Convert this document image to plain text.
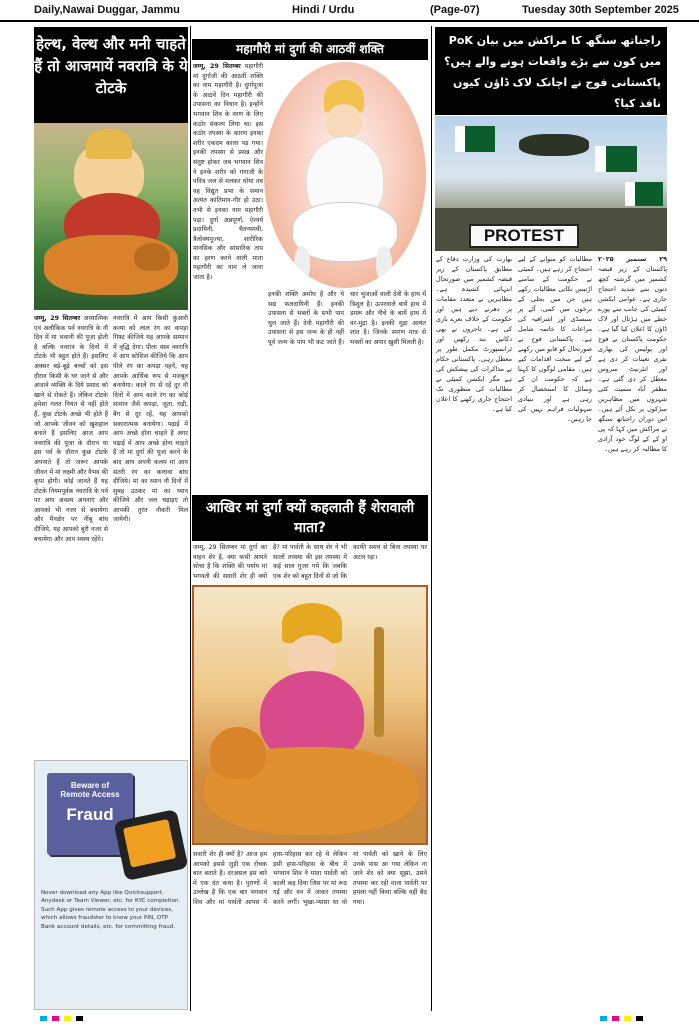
Daily,Nawai Duggar, Jammu	Hindi / Urdu	(Page-07)	Tuesday 30th September 2025
हेल्थ, वेल्थ और मनी चाहते हैं तो आजमायें नवरात्रि के ये टोटके
जम्मू, 29 सितम्बर अध्यात्मिक एवं अलौकिक पर्व नवरात्रि के नौ दिन में मां भवानी की पूजा होती है बल्कि नवरात्र के दिनों में टोटके भी बहुत होते हैं। इसलिए अक्सर बड़े-बूढ़े बच्चों को इस दौरान किसी के घर जाने से और अंजाने व्यक्ति के दिये प्रसाद को खाने से रोकते हैं। लेकिन टोटके हमेशा गलत नियत से नहीं होते हैं, कुछ टोटके अच्छे भी होते हैं जो आपके जीवन को खुशहाल बनाते हैं इसलिए आज आप नवरात्रि की पूजा के दौरान या इस पर्व के दौरान कुछ टोटके अपनाते हैं तो जरूर आपके जीवन में मां लक्ष्मी और वैभव की कृपा होगी। कोई जानते हैं यह टोटके नियमपूर्वक नवरात्रि के पर्व पर आप अवश्य अपनाएं और आपको भी नजर से बचायेगा और मैनडोर पर नींबू बांध दीजिये, यह आपको बुरी नजर से बचायेगा और आप स्वस्थ रहेंगे।
नवरात्रि में आप किसी कुंआरी कन्या को लाल रंग का कपड़ा गिफ्ट कीजिये यह आपके सम्मान में वृद्धि देगा। पीला वस्त्र नवरात्रि में आप कोशिश कीजिये कि आप पीले रंग का कपड़ा पहनें, यह आपके आर्थिक रूप से मजबूत बनायेगा। काले रंग से रहें दूर नौ दिनों में आप काले रंग का कोई सामान जैसे कपड़ा, जूता, घड़ी, बैग से दूर रहें, यह आपको सकारात्मक बनायेगा। पढ़ाई में आप अच्छे होना चाहते हैं अगर पढ़ाई में आप अच्छे होना चाहते हैं तो मां दुर्गा की पूजा करने के बाद आप अपनी कलम मां आप संतरी रंग का कलावा बांध दीजिये। मां का ध्यान नौ दिनों में सुबह उठकर मां का ध्यान कीजिये और जल चढ़ाइए तो आपकी तुरंत नौकरी मिल जायेगी।
Beware of
Remote Access
Fraud
Never download any App like Quicksupport, Anydesk or Team Viewer, etc. for KYC completion. Such App gives remote access to your devices, which allows fraudster to know your PIN, OTP Bank account details, etc. for committing fraud.
महागौरी मां दुर्गा की आठवीं शक्ति
जम्मू, 29 सितम्बर महागौरी मां दुर्गाजी की आठवीं शक्ति का नाम महागौरी है। दुर्गापूजा के आठवें दिन महागौरी की उपासना का विधान है। इन्होंने भगवान शिव के वरण के लिए कठोर संकल्प लिया था। इस कठोर तपस्या के कारण इनका शरीर एकदम काला पड़ गया। इनकी तपस्या से प्रसन्न और संतुष्ट होकर जब भगवान शिव ने इनके शरीर को गंगाजी के पवित्र जल से मलकर धोया तब वह विद्युत प्रभा के समान अत्यंत कांतिमान-गौर हो उठा। तभी से इनका नाम महागौरी पड़ा। दुर्गा अन्नपूर्णा, ऐश्वर्य प्रदायिनी, चैतन्यमयी, त्रैलोक्यपूज्या, शारीरिक मानसिक और सांसारिक ताप का हरण करने वाली माता महागौरी का नाम ले जाना जाता है।
इनकी शक्ति अमोघ है और ये सद्य फलदायिनी हैं। इनकी उपासना से भक्तों के सभी पाप धुल जाते हैं। देवी महागौरी की उपासना से इस जन्म के ही नहीं पूर्व जन्म के पाप भी कट जाते हैं। चार भुजाओं वाली देवी के हाथ में त्रिशूल है। ऊपरवाले बायें हाथ में डमरू और नीचे के बायें हाथ में वर-मुद्रा है। इनकी मुद्रा अत्यंत शांत है। जिनके स्मरण मात्र से भक्तों का अपार खुशी मिलती है।
आखिर मां दुर्गा क्यों कहलाती हैं शेरावाली माता?
जम्मू, 29 सितम्बर मां दुर्गा का वाहन शेर है, क्या कभी आपने सोचा है कि शक्ति की पर्याय मां भगवती की सवारी शेर ही क्यों है? मां पार्वती के साथ शेर ने भी सालों तपस्या की इस तपस्या में कई साल गुजर गये कि जबकि एक शेर को बहुत दिनों से जो कि काफी समय से बिना तपस्या पर अटल रहा।
सवारी शेर ही क्यों है? आज हम आपको इससे जुड़ी एक रोचक बात बताते हैं। दरअसल इस बारे में एक दंत कथा है। पुराणों में उल्लेख है कि एक बार भगवान शिव और मां पार्वती आपस में हास-परिहास कर रहे थे लेकिन इसी हास-परिहास के बीच में भगवान शिव ने माता पार्वती को काली कह दिया जिस पर मां रूठ गईं और वन में जाकर तपस्या करने लगीं। भूखा-प्यासा था वो मां पार्वती को खाने के लिए उनके पास आ गया लेकिन ना जाने शेर को क्या सूझा, उसने तपस्या कर रही माता पार्वती पर हमला नहीं किया बल्कि वहीं बैठ गया।
راجناتھ سنگھ کا مراکش میں بیان PoK میں کون سے بڑے واقعات ہونے والے ہیں؟ پاکستانی فوج نے اچانک لاک ڈاؤن کیوں نافذ کیا؟
PROTEST
۲۹ ستمبر ۲۰۲۵ پاکستان کے زیر قبضہ کشمیر میں گزشتہ کچھ دنوں سے شدید احتجاج جاری ہے۔ عوامی ایکشن کمیٹی کی جانب سے پورے خطے میں ہڑتال اور لاک ڈاؤن کا اعلان کیا گیا ہے۔ حکومت پاکستان نے فوج اور پولیس کی بھاری نفری تعینات کر دی ہے اور انٹرنیٹ سروس معطل کر دی گئی ہے۔ مظفر آباد سمیت کئی شہروں میں مظاہرین سڑکوں پر نکل آئے ہیں۔ اس دوران راجناتھ سنگھ نے مراکش میں کہا کہ پی او کے کے لوگ خود آزادی کا مطالبہ کر رہے ہیں۔
مطالبات کو منوانے کے لیے احتجاج کر رہے ہیں۔ کمیٹی نے حکومت کے سامنے اڑتیس نکاتی مطالبات رکھے ہیں جن میں بجلی کے نرخوں میں کمی، آٹے پر سبسڈی اور اشرافیہ کی مراعات کا خاتمہ شامل ہے۔ پاکستانی فوج نے صورتحال کو قابو میں رکھنے کے لیے سخت اقدامات کیے ہیں۔ مقامی لوگوں کا کہنا ہے کہ حکومت ان کے وسائل کا استحصال کر رہی ہے اور بنیادی سہولیات فراہم نہیں کی جا رہیں۔
بھارت کی وزارت دفاع کے مطابق پاکستان کے زیر قبضہ کشمیر میں صورتحال انتہائی کشیدہ ہے۔ مظاہرین نے متعدد مقامات پر دھرنے دیے ہیں اور حکومت کے خلاف نعرے بازی کی ہے۔ تاجروں نے بھی دکانیں بند رکھیں اور ٹرانسپورٹ مکمل طور پر معطل رہی۔ پاکستانی حکام نے مذاکرات کی پیشکش کی ہے مگر ایکشن کمیٹی نے مطالبات کی منظوری تک احتجاج جاری رکھنے کا اعلان کیا ہے۔
